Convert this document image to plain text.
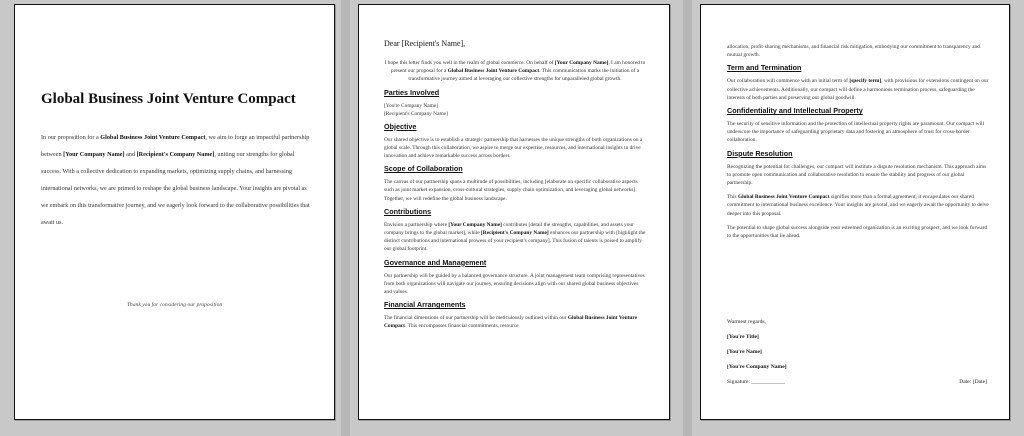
Global Business Joint Venture Compact
In our proposition for a Global Business Joint Venture Compact, we aim to forge an impactful partnership between [Your Company Name] and [Recipient's Company Name], uniting our strengths for global success. With a collective dedication to expanding markets, optimizing supply chains, and harnessing international networks, we are primed to reshape the global business landscape. Your insights are pivotal as we embark on this transformative journey, and we eagerly look forward to the collaborative possibilities that await us.
Thank you for considering our proposition
Dear [Recipient's Name],

I hope this letter finds you well in the realm of global commerce. On behalf of [Your Company Name], I am honored to present our proposal for a Global Business Joint Venture Compact. This communication marks the initiation of a transformative journey aimed at leveraging our collective strengths for unparalleled global growth.

Parties Involved
[You're Company Name]
[Recipient's Company Name]
Objective

Our shared objective is to establish a strategic partnership that harnesses the unique strengths of both organizations on a global scale. Through this collaboration, we aspire to merge our expertise, resources, and international insights to drive innovation and achieve remarkable success across borders.

Scope of Collaboration

The canvas of our partnership spans a multitude of possibilities, including [elaborate on specific collaborative aspects such as joint market expansion, cross-cultural strategies, supply chain optimization, and leveraging global networks]. Together, we will redefine the global business landscape.

Contributions

Envision a partnership where [Your Company Name] contributes [detail the strengths, capabilities, and assets your company brings to the global market], while [Recipient's Company Name] enhances our partnership with [highlight the distinct contributions and international prowess of your recipient's company]. This fusion of talents is poised to amplify our global footprint.

Governance and Management

Our partnership will be guided by a balanced governance structure. A joint management team comprising representatives from both organizations will navigate our journey, ensuring decisions align with our shared global business objectives and values.

Financial Arrangements

The financial dimensions of our partnership will be meticulously outlined within our Global Business Joint Venture Compact. This encompasses financial commitments, resource

allocation, profit-sharing mechanisms, and financial risk mitigation, embodying our commitment to transparency and mutual growth.

Term and Termination

Our collaboration will commence with an initial term of [specify term], with provisions for extensions contingent on our collective achievements. Additionally, our compact will define a harmonious termination process, safeguarding the interests of both parties and preserving our global goodwill.

Confidentiality and Intellectual Property

The security of sensitive information and the protection of intellectual property rights are paramount. Our compact will underscore the importance of safeguarding proprietary data and fostering an atmosphere of trust for cross-border collaboration.

Dispute Resolution

Recognizing the potential for challenges, our compact will institute a dispute resolution mechanism. This approach aims to promote open communication and collaborative resolution to ensure the stability and progress of our global partnership.

This Global Business Joint Venture Compact signifies more than a formal agreement; it encapsulates our shared commitment to international business excellence. Your insights are pivotal, and we eagerly await the opportunity to delve deeper into this proposal.

The potential to shape global success alongside your esteemed organization is an exciting prospect, and we look forward to the opportunities that lie ahead.

Warmest regards,
[You're Title]
[You're Name]
[You're Company Name]
Signature: ____________	Date: [Date]
